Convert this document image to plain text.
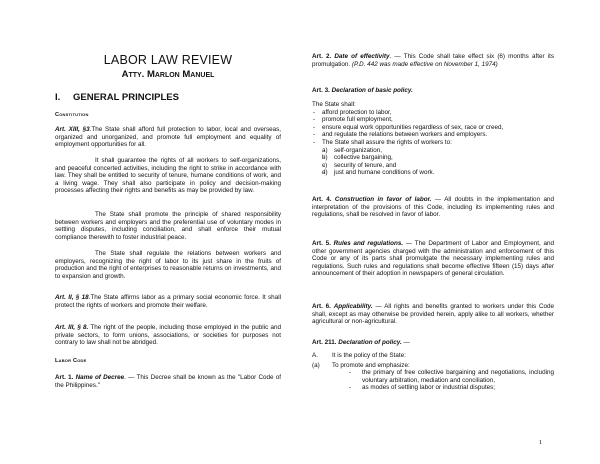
LABOR LAW REVIEW
Atty. Marlon Manuel
I. GENERAL PRINCIPLES
Constitution

Art. XIII, §3.The State shall afford full protection to labor, local and overseas, organized and unorganized, and promote full employment and equality of employment opportunities for all.

It shall guarantee the rights of all workers to self-organizations, and peaceful concerted activities, including the right to strike in accordance with law. They shall be entitled to security of tenure, humane conditions of work, and a living wage. They shall also participate in policy and decision-making processes affecting their rights and benefits as may be provided by law.
The State shall promote the principle of shared responsibility between workers and employers and the preferential use of voluntary modes in settling disputes, including conciliation, and shall enforce their mutual compliance therewith to foster industrial peace.
The State shall regulate the relations between workers and employers, recognizing the right of labor to its just share in the fruits of production and the right of enterprises to reasonable returns on investments, and to expansion and growth.

Art. II, § 18.The State affirms labor as a primary social economic force. It shall protect the rights of workers and promote their welfare.

Art. III, § 8. The right of the people, including those employed in the public and private sectors, to form unions, associations, or societies for purposes not contrary to law shall not be abridged.

Labor Code

Art. 1. Name of Decree. — This Decree shall be known as the "Labor Code of the Philippines."

Art. 2. Date of effectivity. — This Code shall take effect six (6) months after its promulgation. (P.D. 442 was made effective on November 1, 1974)

Art. 3. Declaration of basic policy.

The State shall:

- afford protection to labor,
- promote full employment,
- ensure equal work opportunities regardless of sex, race or creed,
- and regulate the relations between workers and employers.
- The State shall assure the rights of workers to:
- a) self-organization,
- b) collective bargaining,
- c) security of tenure, and
- d) just and humane conditions of work.

Art. 4. Construction in favor of labor. — All doubts in the implementation and interpretation of the provisions of this Code, including its implementing rules and regulations, shall be resolved in favor of labor.

Art. 5. Rules and regulations. — The Department of Labor and Employment, and other government agencies charged with the administration and enforcement of this Code or any of its parts shall promulgate the necessary implementing rules and regulations. Such rules and regulations shall become effective fifteen (15) days after announcement of their adoption in newspapers of general circulation.

Art. 6. Applicability. — All rights and benefits granted to workers under this Code shall, except as may otherwise be provided herein, apply alike to all workers, whether agricultural or non-agricultural.

Art. 211. Declaration of policy. —

A. It is the policy of the State:

(a) To promote and emphasize:

- the primary of free collective bargaining and negotiations, including voluntary arbitration, mediation and conciliation,
- as modes of settling labor or industrial disputes;
1
